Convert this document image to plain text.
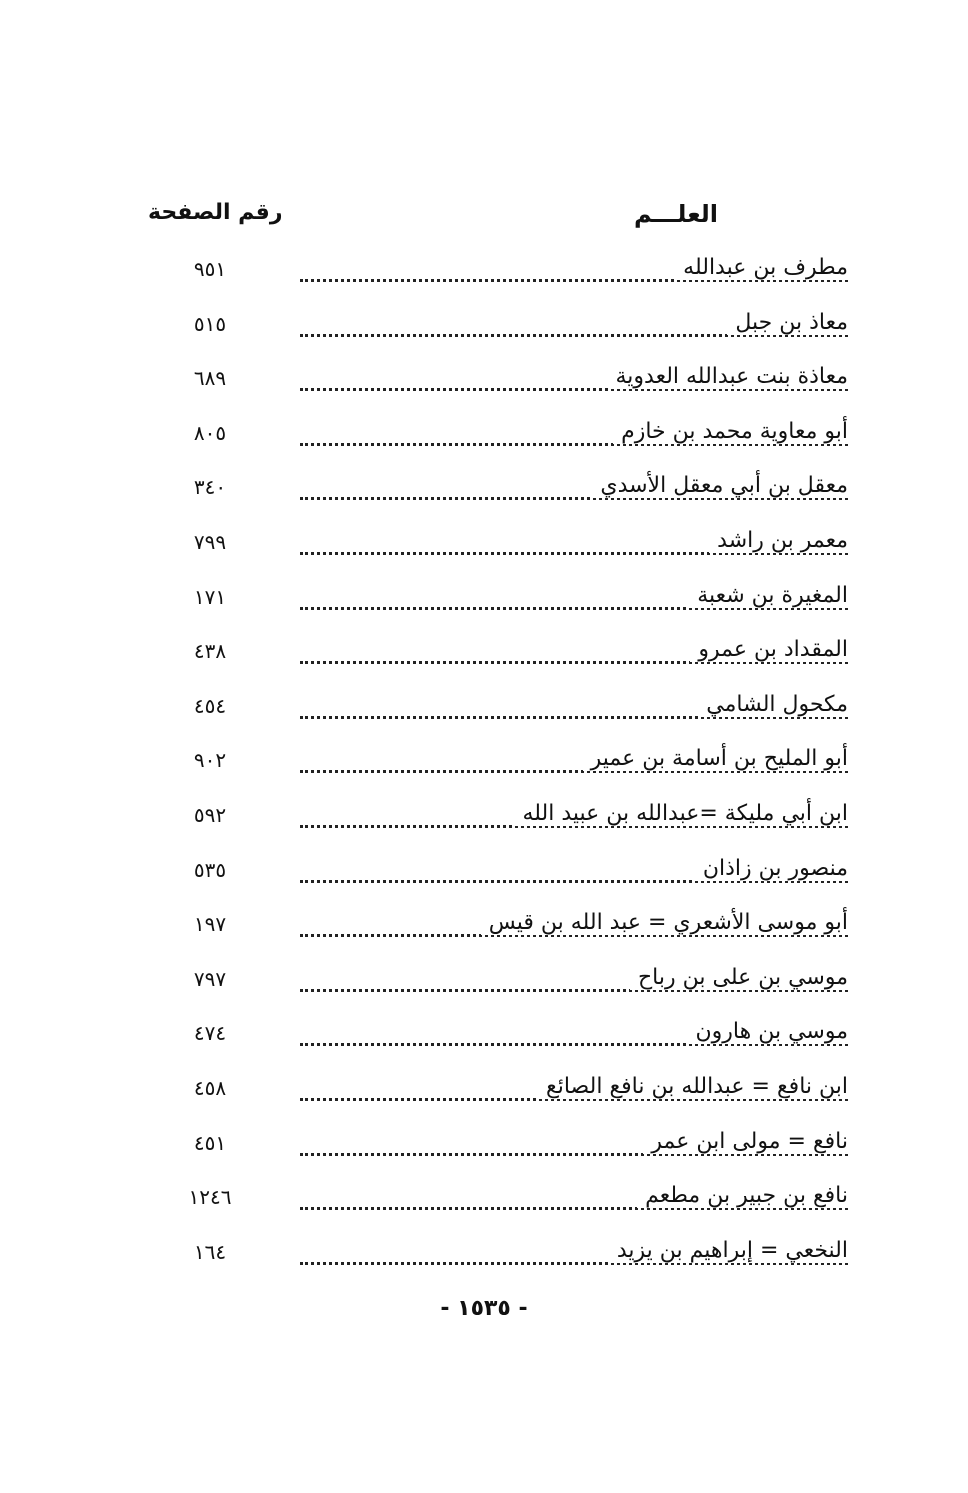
العلـــم
رقم الصفحة
مطرف بن عبدالله
٩٥١
معاذ بن جبل
٥١٥
معاذة بنت عبدالله العدوية
٦٨٩
أبو معاوية محمد بن خازم
٨٠٥
معقل بن أبي معقل الأسدي
٣٤٠
معمر بن راشد
٧٩٩
المغيرة بن شعبة
١٧١
المقداد بن عمرو
٤٣٨
مكحول الشامي
٤٥٤
أبو المليح بن أسامة بن عمير
٩٠٢
ابن أبي مليكة =عبدالله بن عبيد الله
٥٩٢
منصور بن زاذان
٥٣٥
أبو موسى الأشعري = عبد الله بن قيس
١٩٧
موسي بن على بن رباح
٧٩٧
موسي بن هارون
٤٧٤
ابن نافع = عبدالله بن نافع الصائع
٤٥٨
نافع = مولى ابن عمر
٤٥١
نافع بن جبير بن مطعم
١٢٤٦
النخعي = إبراهيم بن يزيد
١٦٤
- ١٥٣٥ -
